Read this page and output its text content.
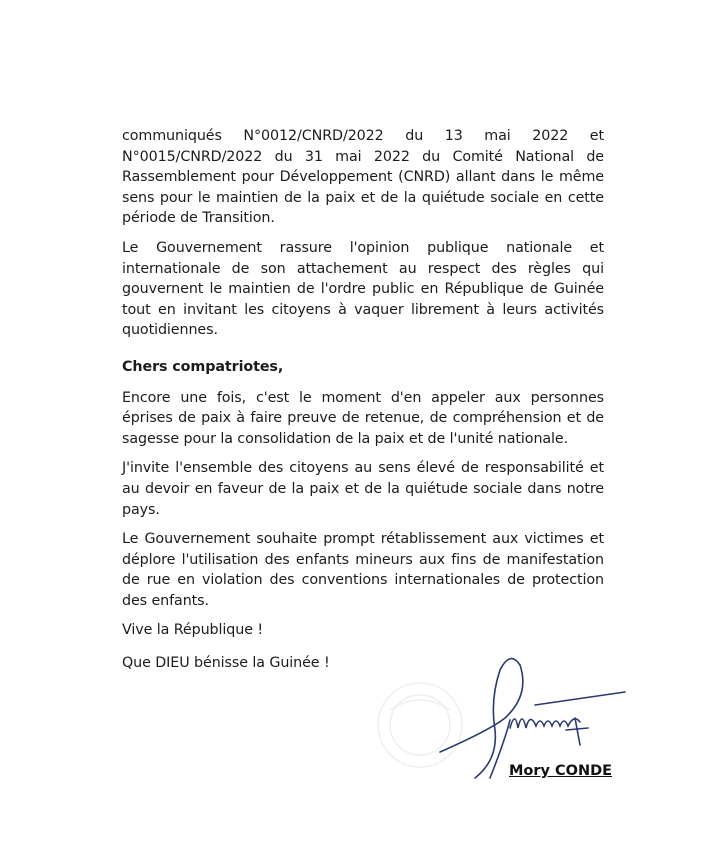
communiqués N°0012/CNRD/2022 du 13 mai 2022 et N°0015/CNRD/2022 du 31 mai 2022 du Comité National de Rassemblement pour Développement (CNRD) allant dans le même sens pour le maintien de la paix et de la quiétude sociale en cette période de Transition.

Le Gouvernement rassure l'opinion publique nationale et internationale de son attachement au respect des règles qui gouvernent le maintien de l'ordre public en République de Guinée tout en invitant les citoyens à vaquer librement à leurs activités quotidiennes.

Chers compatriotes,

Encore une fois, c'est le moment d'en appeler aux personnes éprises de paix à faire preuve de retenue, de compréhension et de sagesse pour la consolidation de la paix et de l'unité nationale.

J'invite l'ensemble des citoyens au sens élevé de responsabilité et au devoir en faveur de la paix et de la quiétude sociale dans notre pays.

Le Gouvernement souhaite prompt rétablissement aux victimes et déplore l'utilisation des enfants mineurs aux fins de manifestation de rue en violation des conventions internationales de protection des enfants.

Vive la République !

Que DIEU bénisse la Guinée !

Mory CONDE
